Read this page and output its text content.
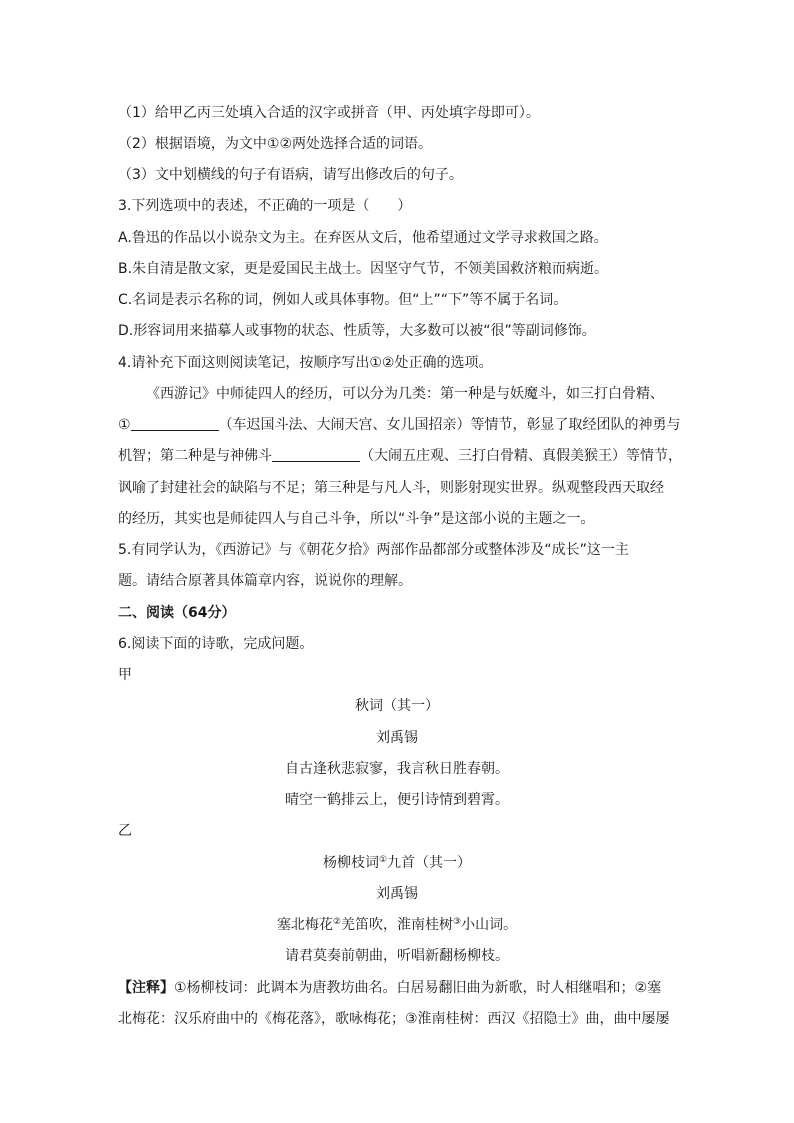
（1）给甲乙丙三处填入合适的汉字或拼音（甲、丙处填字母即可）。
（2）根据语境，为文中①②两处选择合适的词语。
（3）文中划横线的句子有语病，请写出修改后的句子。
3.下列选项中的表述，不正确的一项是（　　）
A.鲁迅的作品以小说杂文为主。在弃医从文后，他希望通过文学寻求救国之路。
B.朱自清是散文家，更是爱国民主战士。因坚守气节，不领美国救济粮而病逝。
C.名词是表示名称的词，例如人或具体事物。但“上”“下”等不属于名词。
D.形容词用来描摹人或事物的状态、性质等，大多数可以被“很”等副词修饰。
4.请补充下面这则阅读笔记，按顺序写出①②处正确的选项。
《西游记》中师徒四人的经历，可以分为几类：第一种是与妖魔斗，如三打白骨精、
①	（车迟国斗法、大闹天宫、女儿国招亲）等情节，彰显了取经团队的神勇与
机智；第二种是与神佛斗	（大闹五庄观、三打白骨精、真假美猴王）等情节，
讽喻了封建社会的缺陷与不足；第三种是与凡人斗，则影射现实世界。纵观整段西天取经
的经历，其实也是师徒四人与自己斗争，所以“斗争”是这部小说的主题之一。
5.有同学认为，《西游记》与《朝花夕拾》两部作品都部分或整体涉及“成长”这一主
题。请结合原著具体篇章内容，说说你的理解。
二、阅读（64分）
6.阅读下面的诗歌，完成问题。
甲
秋词（其一）
刘禹锡
自古逢秋悲寂寥，我言秋日胜春朝。
晴空一鹤排云上，便引诗情到碧霄。
乙
杨柳枝词①九首（其一）
刘禹锡
塞北梅花②羌笛吹，淮南桂树③小山词。
请君莫奏前朝曲，听唱新翻杨柳枝。
【注释】①杨柳枝词：此调本为唐教坊曲名。白居易翻旧曲为新歌，时人相继唱和；②塞
北梅花：汉乐府曲中的《梅花落》，歌咏梅花；③淮南桂树：西汉《招隐士》曲，曲中屡屡
